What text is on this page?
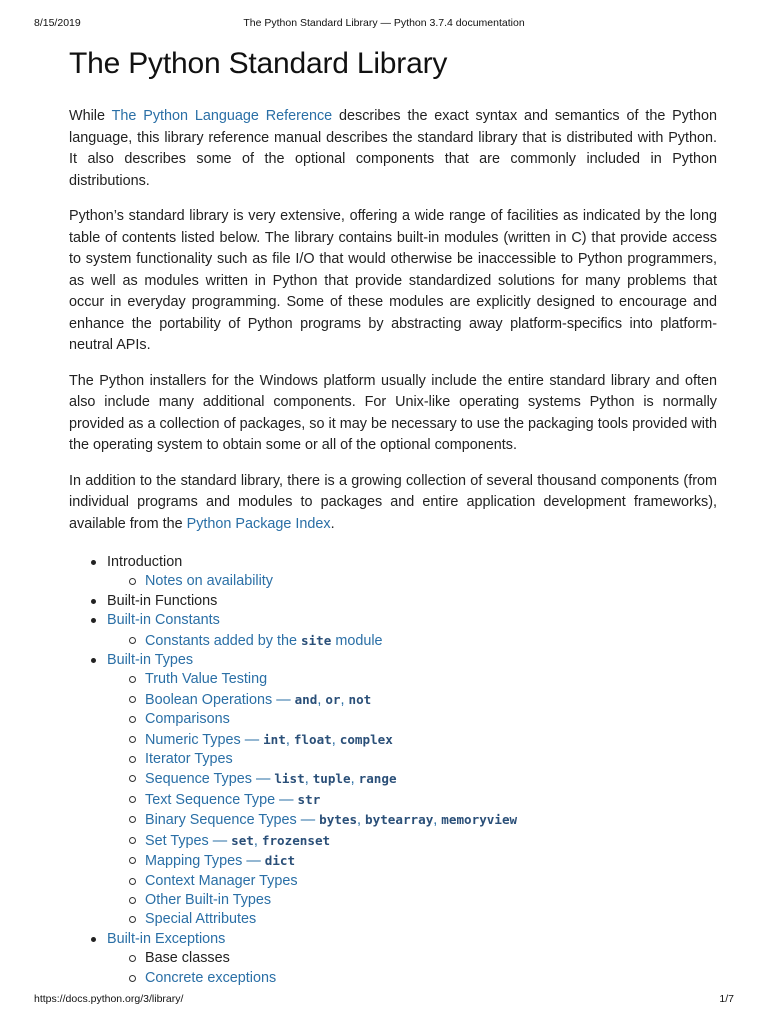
8/15/2019	The Python Standard Library — Python 3.7.4 documentation
The Python Standard Library

While The Python Language Reference describes the exact syntax and semantics of the Python language, this library reference manual describes the standard library that is distributed with Python. It also describes some of the optional components that are commonly included in Python distributions.

Python’s standard library is very extensive, offering a wide range of facilities as indicated by the long table of contents listed below. The library contains built-in modules (written in C) that provide access to system functionality such as file I/O that would otherwise be inaccessible to Python programmers, as well as modules written in Python that provide standardized solutions for many problems that occur in everyday programming. Some of these modules are explicitly designed to encourage and enhance the portability of Python programs by abstracting away platform-specifics into platform-neutral APIs.

The Python installers for the Windows platform usually include the entire standard library and often also include many additional components. For Unix-like operating systems Python is normally provided as a collection of packages, so it may be necessary to use the packaging tools provided with the operating system to obtain some or all of the optional components.

In addition to the standard library, there is a growing collection of several thousand components (from individual programs and modules to packages and entire application development frameworks), available from the Python Package Index.

Introduction
Notes on availability
Built-in Functions
Built-in Constants
Constants added by the site module
Built-in Types
Truth Value Testing
Boolean Operations — and, or, not
Comparisons
Numeric Types — int, float, complex
Iterator Types
Sequence Types — list, tuple, range
Text Sequence Type — str
Binary Sequence Types — bytes, bytearray, memoryview
Set Types — set, frozenset
Mapping Types — dict
Context Manager Types
Other Built-in Types
Special Attributes
Built-in Exceptions
Base classes
Concrete exceptions
https://docs.python.org/3/library/	1/7
